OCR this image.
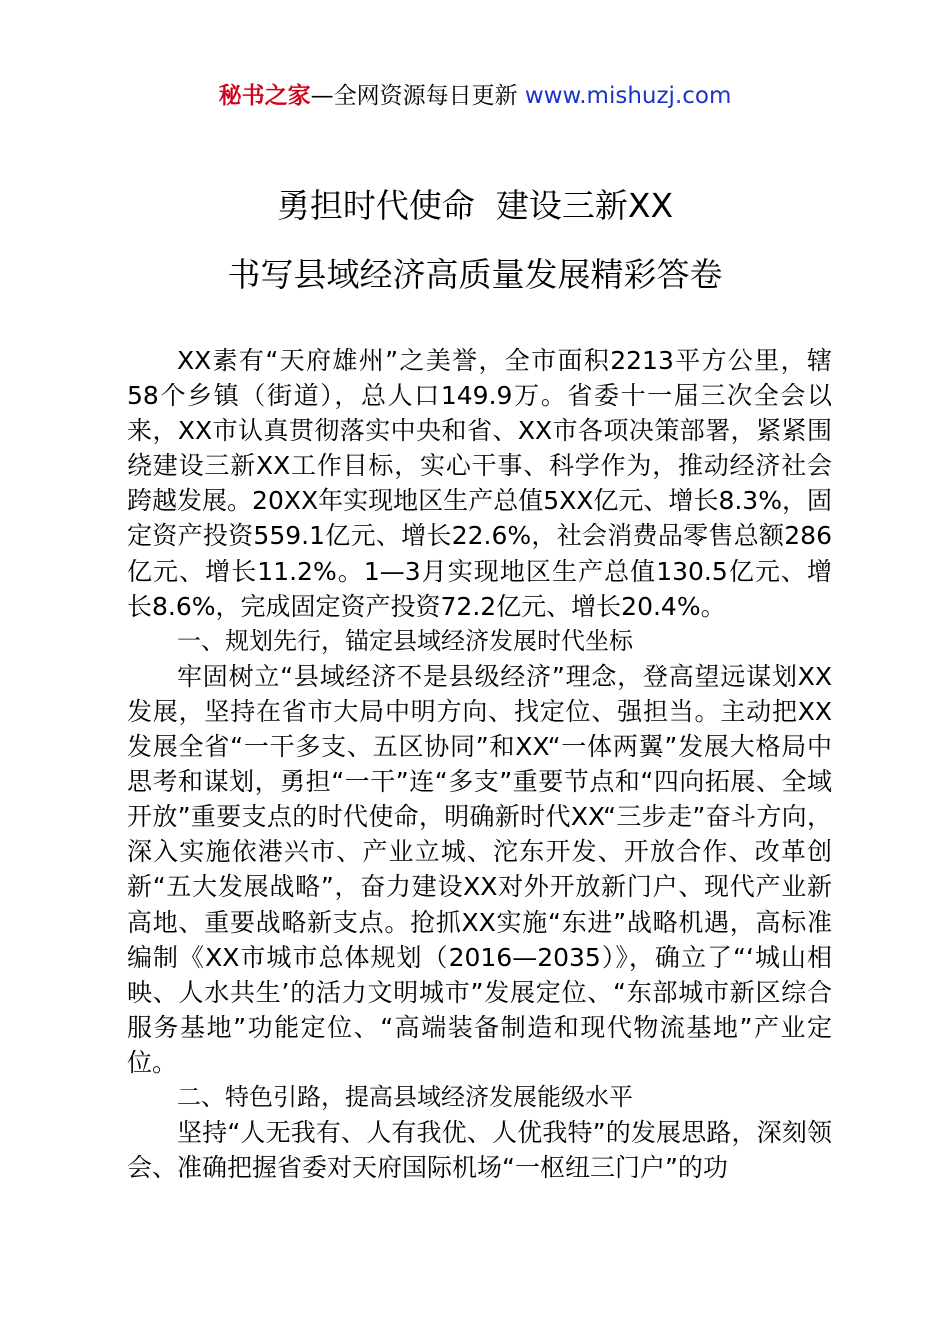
秘书之家—全网资源每日更新 www.mishuzj.com
勇担时代使命  建设三新XX
书写县域经济高质量发展精彩答卷

XX素有“天府雄州”之美誉，全市面积2213平方公里，辖58个乡镇（街道），总人口149.9万。省委十一届三次全会以来，XX市认真贯彻落实中央和省、XX市各项决策部署，紧紧围绕建设三新XX工作目标，实心干事、科学作为，推动经济社会跨越发展。20XX年实现地区生产总值5XX亿元、增长8.3%，固定资产投资559.1亿元、增长22.6%，社会消费品零售总额286亿元、增长11.2%。1—3月实现地区生产总值130.5亿元、增长8.6%，完成固定资产投资72.2亿元、增长20.4%。

一、规划先行，锚定县域经济发展时代坐标

牢固树立“县域经济不是县级经济”理念，登高望远谋划XX发展，坚持在省市大局中明方向、找定位、强担当。主动把XX发展全省“一干多支、五区协同”和XX“一体两翼”发展大格局中思考和谋划，勇担“一干”连“多支”重要节点和“四向拓展、全域开放”重要支点的时代使命，明确新时代XX“三步走”奋斗方向，深入实施依港兴市、产业立城、沱东开发、开放合作、改革创新“五大发展战略”，奋力建设XX对外开放新门户、现代产业新高地、重要战略新支点。抢抓XX实施“东进”战略机遇，高标准编制《XX市城市总体规划（2016—2035）》，确立了“‘城山相映、人水共生’的活力文明城市”发展定位、“东部城市新区综合服务基地”功能定位、“高端装备制造和现代物流基地”产业定位。

二、特色引路，提高县域经济发展能级水平

坚持“人无我有、人有我优、人优我特”的发展思路，深刻领会、准确把握省委对天府国际机场“一枢纽三门户”的功
